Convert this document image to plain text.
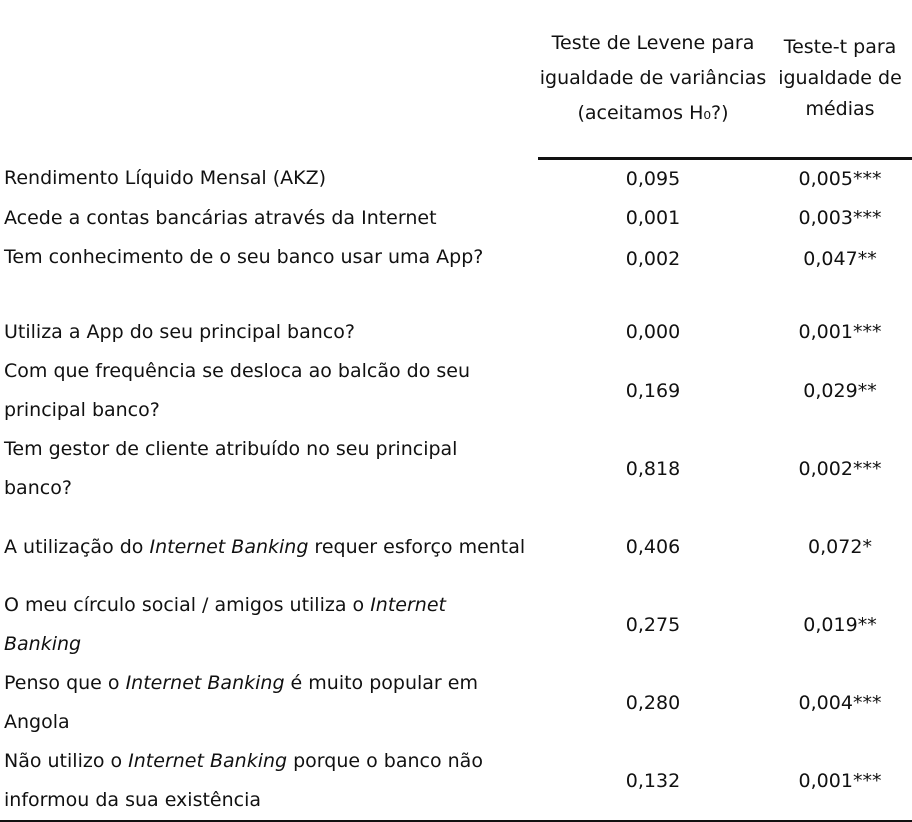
	Teste de Levene para igualdade de variâncias (aceitamos H₀?)	Teste-t para igualdade de médias

Rendimento Líquido Mensal (AKZ)	0,095	0,005***
Acede a contas bancárias através da Internet	0,001	0,003***
Tem conhecimento de o seu banco usar uma App?	0,002	0,047**
Utiliza a App do seu principal banco?	0,000	0,001***
Com que frequência se desloca ao balcão do seu principal banco?	0,169	0,029**
Tem gestor de cliente atribuído no seu principal banco?	0,818	0,002***
A utilização do Internet Banking requer esforço mental	0,406	0,072*
O meu círculo social / amigos utiliza o Internet Banking	0,275	0,019**
Penso que o Internet Banking é muito popular em Angola	0,280	0,004***
Não utilizo o Internet Banking porque o banco não informou da sua existência	0,132	0,001***
